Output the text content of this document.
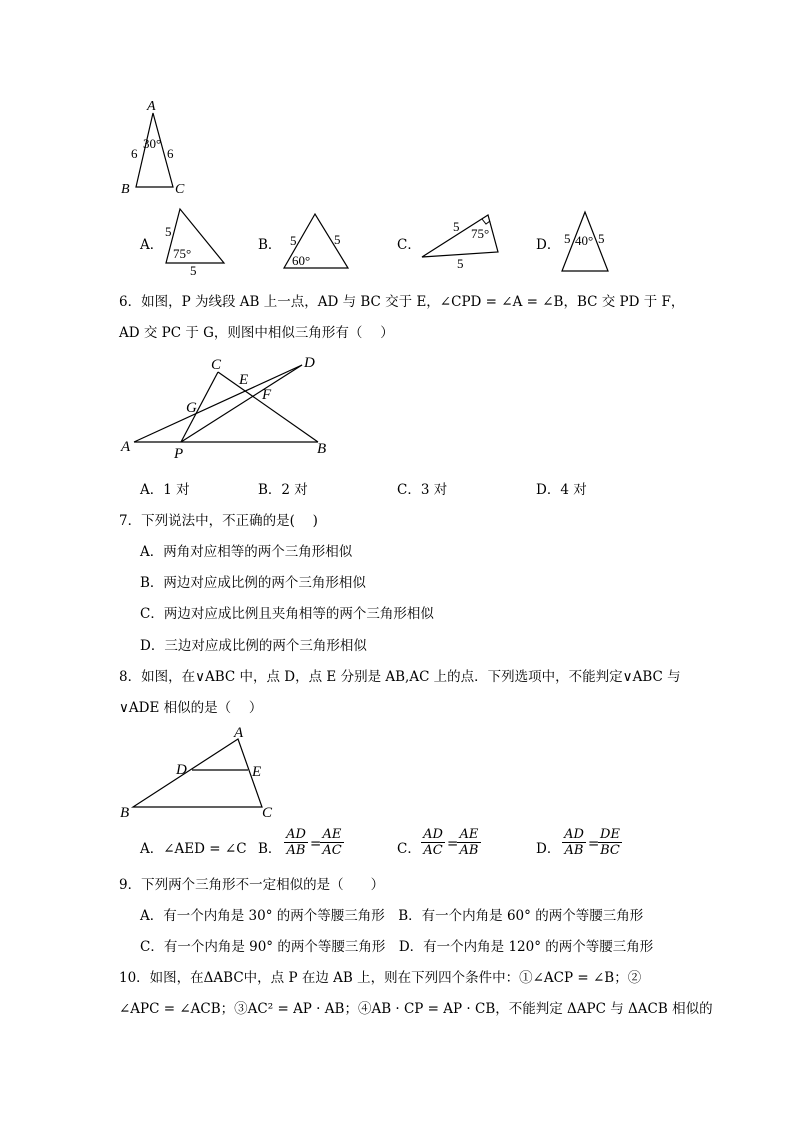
A
B	C
6 6
30°
A．
5
75°
5
B． 5	5
60°
C．
5 75°
5
D． 5 40° 5
6．如图，P 为线段 AB 上一点，AD 与 BC 交于 E，∠CPD = ∠A = ∠B，BC 交 PD 于 F，
AD 交 PC 于 G，则图中相似三角形有（　 ）
A	P	B
C	D
E
F
G
A．1 对	B．2 对	C．3 对	D．4 对
7．下列说法中，不正确的是(　 )
A．两角对应相等的两个三角形相似
B．两边对应成比例的两个三角形相似
C．两边对应成比例且夹角相等的两个三角形相似
D．三边对应成比例的两个三角形相似
8．如图，在∨ABC 中，点 D，点 E 分别是 AB,AC 上的点．下列选项中，不能判定∨ABC 与
∨ADE 相似的是（　 ）
A
D	E
B	C
A．∠AED = ∠C B． $\frac{AD}{AB}$ =
$\frac{AE}{AC}$	C． $\frac{AD}{AC}$ =
$\frac{AE}{AB}$	D． $\frac{AD}{AB}$ =
$\frac{DE}{BC}$
9．下列两个三角形不一定相似的是（　　）
A．有一个内角是 30° 的两个等腰三角形　B．有一个内角是 60° 的两个等腰三角形
C．有一个内角是 90° 的两个等腰三角形　D．有一个内角是 120° 的两个等腰三角形
10．如图，在ΔABC中，点 P 在边 AB 上，则在下列四个条件中：①∠ACP = ∠B；②
∠APC = ∠ACB；③AC² = AP · AB；④AB · CP = AP · CB，不能判定 ΔAPC 与 ΔACB 相似的
